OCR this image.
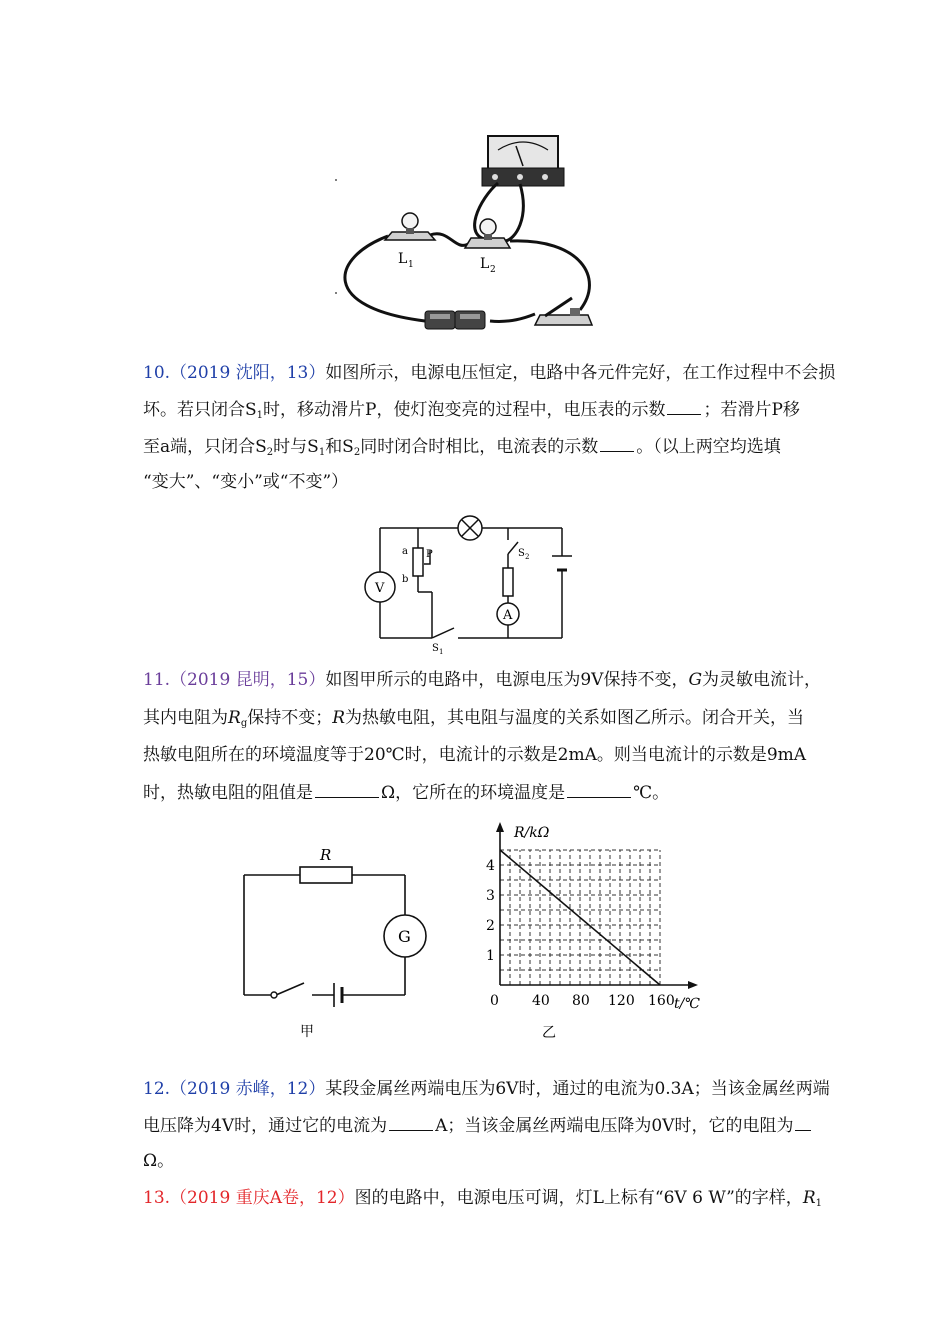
L 1	L 2
10.（2019 沈阳，13）如图所示，电源电压恒定，电路中各元件完好，在工作过程中不会损
坏。若只闭合$S_1$时，移动滑片P，使灯泡变亮的过程中，电压表的示数 ；若滑片P移
至a端，只闭合$S_2$时与$S_1$和$S_2$同时闭合时相比，电流表的示数 。（以上两空均选填
“变大”、“变小”或“不变”）
V
A
a
b
P	S 2
S 1
11.（2019 昆明，15）如图甲所示的电路中，电源电压为9V保持不变，G为灵敏电流计，
其内电阻为$R_g$保持不变；R为热敏电阻，其电阻与温度的关系如图乙所示。闭合开关，当
热敏电阻所在的环境温度等于20℃时，电流计的示数是2mA。则当电流计的示数是9mA
时，热敏电阻的阻值是	Ω，它所在的环境温度是	℃。
R
G
甲
0 40 80 120 160
1
2
3
4
R/kΩ
t/℃
乙
12.（2019 赤峰，12）某段金属丝两端电压为6V时，通过的电流为0.3A；当该金属丝两端
电压降为4V时，通过它的电流为	A；当该金属丝两端电压降为0V时，它的电阻为
Ω。
13.（2019 重庆A卷，12）图的电路中，电源电压可调，灯L上标有“6V 6 W”的字样，$R_1$
